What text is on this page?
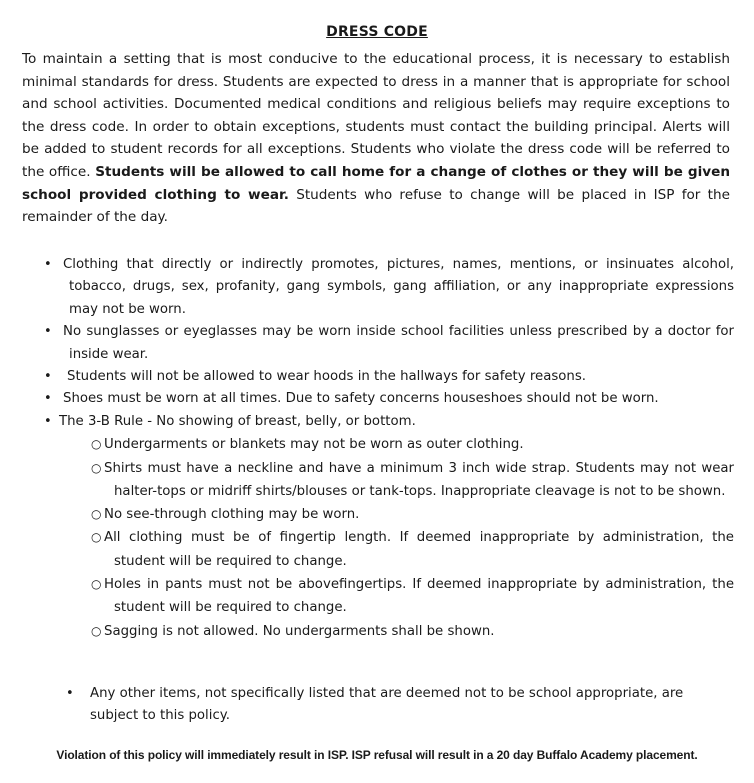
DRESS CODE

To maintain a setting that is most conducive to the educational process, it is necessary to establish minimal standards for dress. Students are expected to dress in a manner that is appropriate for school and school activities. Documented medical conditions and religious beliefs may require exceptions to the dress code. In order to obtain exceptions, students must contact the building principal. Alerts will be added to student records for all exceptions. Students who violate the dress code will be referred to the office. Students will be allowed to call home for a change of clothes or they will be given school provided clothing to wear. Students who refuse to change will be placed in ISP for the remainder of the day.

• Clothing that directly or indirectly promotes, pictures, names, mentions, or insinuates alcohol, tobacco, drugs, sex, profanity, gang symbols, gang affiliation, or any inappropriate expressions may not be worn.
• No sunglasses or eyeglasses may be worn inside school facilities unless prescribed by a doctor for inside wear.
•	Students will not be allowed to wear hoods in the hallways for safety reasons.
• Shoes must be worn at all times. Due to safety concerns houseshoes should not be worn.
• The 3-B Rule - No showing of breast, belly, or bottom.
○ Undergarments or blankets may not be worn as outer clothing.
○ Shirts must have a neckline and have a minimum 3 inch wide strap. Students may not wear halter-tops or midriff shirts/blouses or tank-tops. Inappropriate cleavage is not to be shown.
○ No see-through clothing may be worn.
○ All clothing must be of fingertip length. If deemed inappropriate by administration, the student will be required to change.
○ Holes in pants must not be abovefingertips. If deemed inappropriate by administration, the student will be required to change.
○ Sagging is not allowed. No undergarments shall be shown.
• Any other items, not specifically listed that are deemed not to be school appropriate, are subject to this policy.
Violation of this policy will immediately result in ISP. ISP refusal will result in a 20 day Buffalo Academy placement.
